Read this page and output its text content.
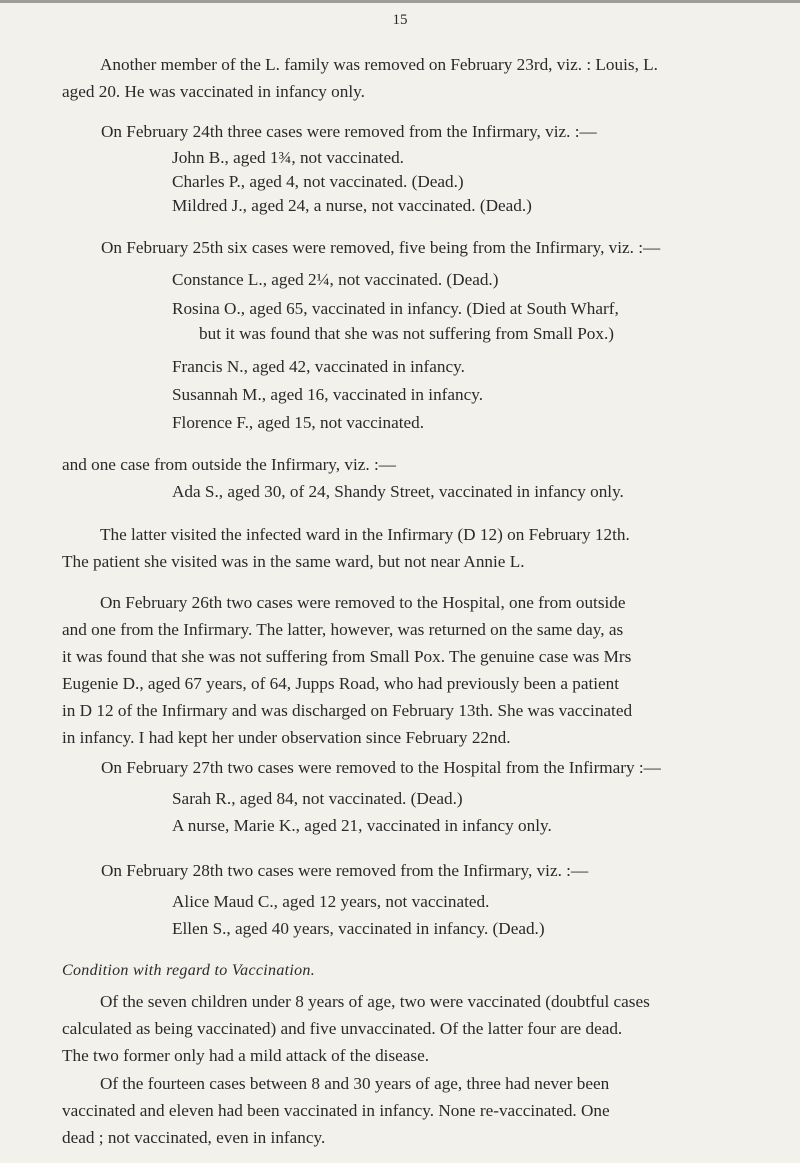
15
Another member of the L. family was removed on February 23rd, viz. : Louis, L.
aged 20. He was vaccinated in infancy only.
On February 24th three cases were removed from the Infirmary, viz. :—
John B., aged 1¾, not vaccinated.
Charles P., aged 4, not vaccinated. (Dead.)
Mildred J., aged 24, a nurse, not vaccinated. (Dead.)
On February 25th six cases were removed, five being from the Infirmary, viz. :—
Constance L., aged 2¼, not vaccinated. (Dead.)
Rosina O., aged 65, vaccinated in infancy. (Died at South Wharf,
but it was found that she was not suffering from Small Pox.)
Francis N., aged 42, vaccinated in infancy.
Susannah M., aged 16, vaccinated in infancy.
Florence F., aged 15, not vaccinated.
and one case from outside the Infirmary, viz. :—
Ada S., aged 30, of 24, Shandy Street, vaccinated in infancy only.
The latter visited the infected ward in the Infirmary (D 12) on February 12th.
The patient she visited was in the same ward, but not near Annie L.
On February 26th two cases were removed to the Hospital, one from outside
and one from the Infirmary. The latter, however, was returned on the same day, as
it was found that she was not suffering from Small Pox. The genuine case was Mrs
Eugenie D., aged 67 years, of 64, Jupps Road, who had previously been a patient
in D 12 of the Infirmary and was discharged on February 13th. She was vaccinated
in infancy. I had kept her under observation since February 22nd.
On February 27th two cases were removed to the Hospital from the Infirmary :—
Sarah R., aged 84, not vaccinated. (Dead.)
A nurse, Marie K., aged 21, vaccinated in infancy only.
On February 28th two cases were removed from the Infirmary, viz. :—
Alice Maud C., aged 12 years, not vaccinated.
Ellen S., aged 40 years, vaccinated in infancy. (Dead.)
Condition with regard to Vaccination.
Of the seven children under 8 years of age, two were vaccinated (doubtful cases
calculated as being vaccinated) and five unvaccinated. Of the latter four are dead.
The two former only had a mild attack of the disease.
Of the fourteen cases between 8 and 30 years of age, three had never been
vaccinated and eleven had been vaccinated in infancy. None re-vaccinated. One
dead ; not vaccinated, even in infancy.
